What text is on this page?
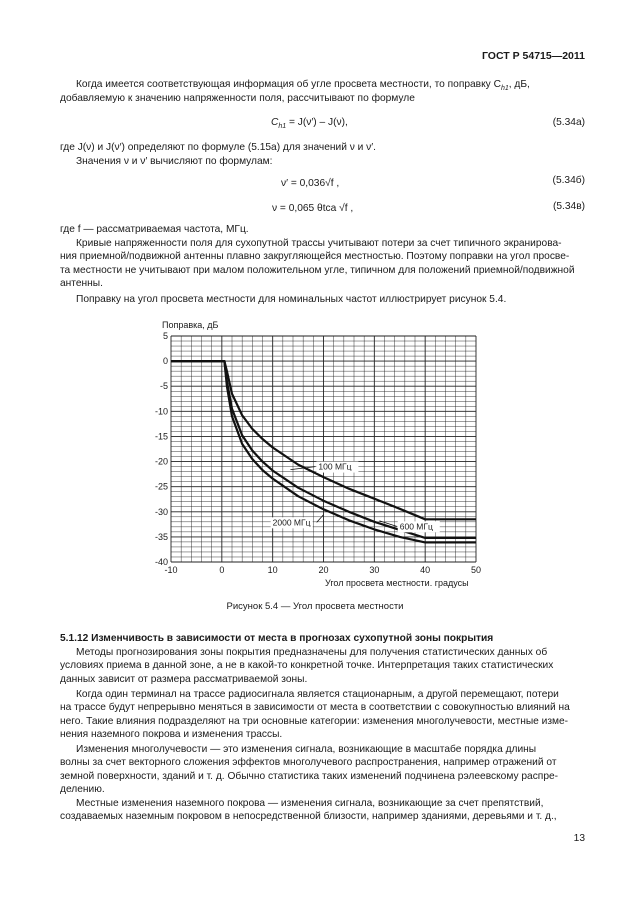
ГОСТ Р 54715—2011
Когда имеется соответствующая информация об угле просвета местности, то поправку $C_{h1}$, дБ,
добавляемую к значению напряженности поля, рассчитывают по формуле
$C_{h1} = J(\nu') - J(\nu)$,	(5.34а)
где J(ν) и J(ν′) определяют по формуле (5.15а) для значений ν и ν′.
Значения ν и ν′ вычисляют по формулам:
ν′ = 0,036√f ,	(5.34б)
ν = 0,065 θtca √f ,	(5.34в)
где f — рассматриваемая частота, МГц.
Кривые напряженности поля для сухопутной трассы учитывают потери за счет типичного экранирова-
ния приемной/подвижной антенны плавно закругляющейся местностью. Поэтому поправки на угол просве-
та местности не учитывают при малом положительном угле, типичном для положений приемной/подвижной
антенны.
Поправку на угол просвета местности для номинальных частот иллюстрирует рисунок 5.4.
Поправка, дБ
-10	0	10	20	30	40	50
5
0
-5
-10
-15
-20
-25
-30
-35
-40
100 МГц
600 МГц
2000 МГц
Угол просвета местности. градусы
Рисунок 5.4 — Угол просвета местности
5.1.12 Изменчивость в зависимости от места в прогнозах сухопутной зоны покрытия
Методы прогнозирования зоны покрытия предназначены для получения статистических данных об
условиях приема в данной зоне, а не в какой-то конкретной точке. Интерпретация таких статистических
данных зависит от размера рассматриваемой зоны.
Когда один терминал на трассе радиосигнала является стационарным, а другой перемещают, потери
на трассе будут непрерывно меняться в зависимости от места в соответствии с совокупностью влияний на
него. Такие влияния подразделяют на три основные категории: изменения многолучевости, местные изме-
нения наземного покрова и изменения трассы.
Изменения многолучевости — это изменения сигнала, возникающие в масштабе порядка длины
волны за счет векторного сложения эффектов многолучевого распространения, например отражений от
земной поверхности, зданий и т. д. Обычно статистика таких изменений подчинена рэлеевскому распре-
делению.
Местные изменения наземного покрова — изменения сигнала, возникающие за счет препятствий,
создаваемых наземным покровом в непосредственной близости, например зданиями, деревьями и т. д.,
13
